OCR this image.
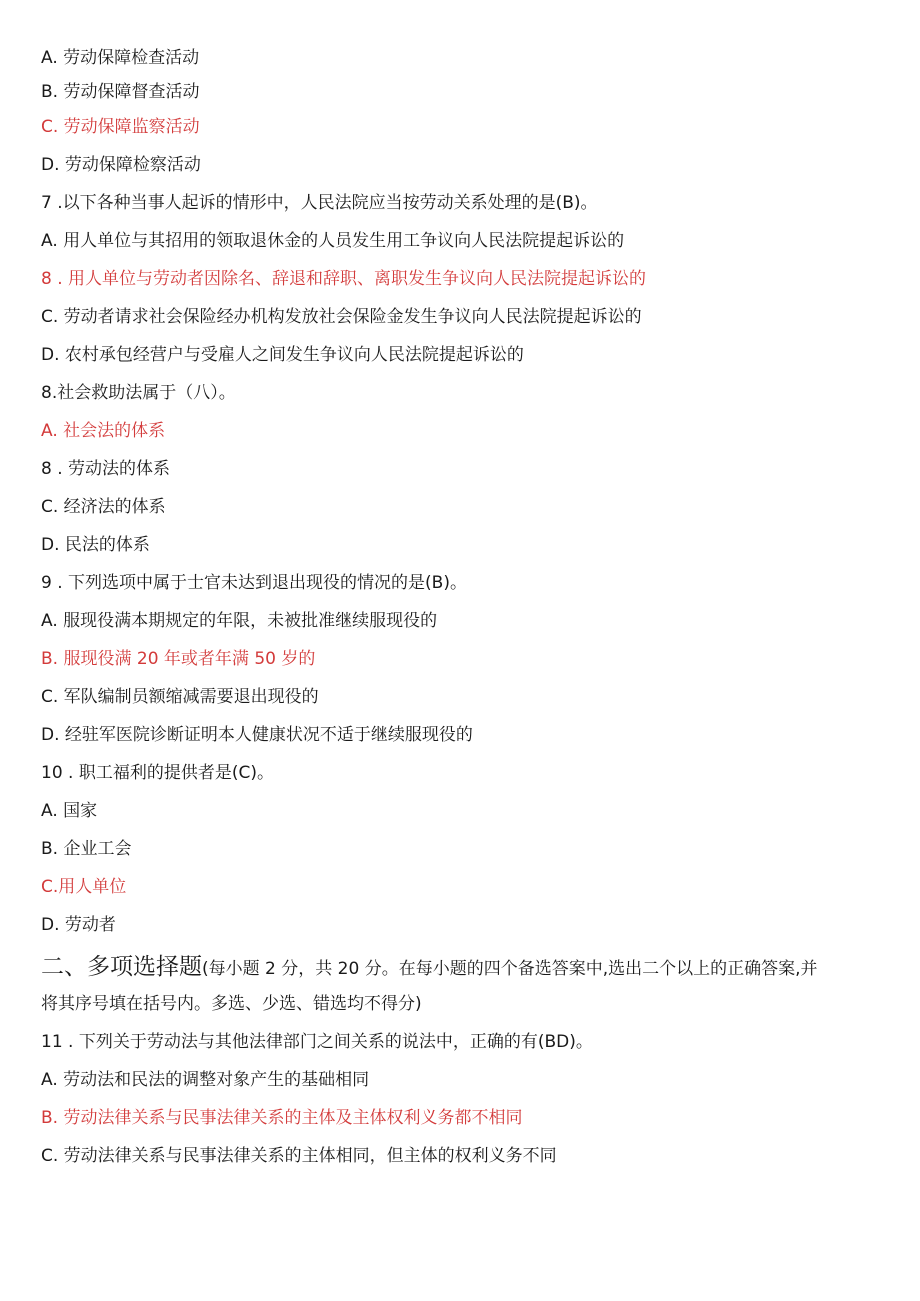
A. 劳动保障检查活动
B. 劳动保障督查活动
C. 劳动保障监察活动
D. 劳动保障检察活动
7 .以下各种当事人起诉的情形中，人民法院应当按劳动关系处理的是(B)。
A. 用人单位与其招用的领取退休金的人员发生用工争议向人民法院提起诉讼的
8 . 用人单位与劳动者因除名、辞退和辞职、离职发生争议向人民法院提起诉讼的
C. 劳动者请求社会保险经办机构发放社会保险金发生争议向人民法院提起诉讼的
D. 农村承包经营户与受雇人之间发生争议向人民法院提起诉讼的
8.社会救助法属于（八）。
A. 社会法的体系
8 . 劳动法的体系
C. 经济法的体系
D. 民法的体系
9 . 下列选项中属于士官未达到退出现役的情况的是(B)。
A. 服现役满本期规定的年限，未被批准继续服现役的
B. 服现役满 20 年或者年满 50 岁的
C. 军队编制员额缩减需要退出现役的
D. 经驻军医院诊断证明本人健康状况不适于继续服现役的
10 . 职工福利的提供者是(C)。
A. 国家
B. 企业工会
C.用人单位
D. 劳动者
二、多项选择题(每小题 2 分，共 20 分。在每小题的四个备选答案中,选出二个以上的正确答案,并
将其序号填在括号内。多选、少选、错选均不得分)
11 . 下列关于劳动法与其他法律部门之间关系的说法中，正确的有(BD)。
A. 劳动法和民法的调整对象产生的基础相同
B. 劳动法律关系与民事法律关系的主体及主体权利义务都不相同
C. 劳动法律关系与民事法律关系的主体相同，但主体的权利义务不同
